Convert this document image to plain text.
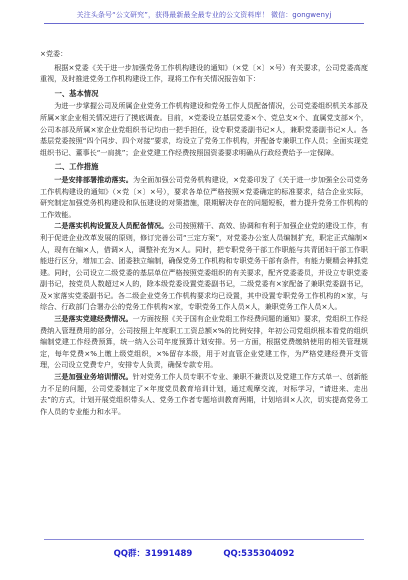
关注头条号“公文研究”，获得最新最全最专业的公文资料库！ 微信：gongwenyj

×党委：

根据×党委《关于进一步加强党务工作机构建设的通知》（×党〔×〕×号）有关要求，公司党委高度重视，及时推进党务工作机构建设工作，现将工作有关情况报告如下：

一、基本情况

为进一步掌握公司及所属企业党务工作机构建设和党务工作人员配备情况，公司党委组织机关本部及所属×家企业相关情况进行了摸底调查。目前，×党委设立基层党委×个、党总支×个、直属党支部×个，公司本部及所属×家企业党组织书记均由一把手担任，设专职党委副书记×人，兼职党委副书记×人。各基层党委按照“四个同步、四个对接”要求，均设立了党务工作机构，并配备专兼职工作人员；全面实现党组织书记、董事长“一肩挑”；企业党建工作经费按照国资委要求明确从行政经费给予一定保障。

二、工作措施

一是安排部署推动落实。为全面加强公司党务机构建设，×党委印发了《关于进一步加强全公司党务工作机构建设的通知》（×党〔×〕×号），要求各单位严格按照×党委确定的标准要求，结合企业实际，研究制定加强党务机构建设和队伍建设的对策措施，限期解决存在的问题短板，着力提升党务工作机构的工作效能。

二是落实机构设置及人员配备情况。公司按照精干、高效、协调和有利于加强企业党的建设工作，有利于促进企业改革发展的原则，修订完善公司“三定方案”，对党委办公室人员编制扩充，职定正式编制×人，现有在编×人，借调×人，调整补充为×人。同时，把专职党务干部工作职能与共青团妇干部工作职能进行区分，增加工会、团委独立编制，确保党务工作机构和专职党务干部有条件，有能力聚精会神抓党建。同时，公司设立二级党委的基层单位严格按照党委组织的有关要求，配齐党委委员，并设立专职党委副书记，按党员人数超过×人的，除本级党委设置党委副书记，二级党委有×家配备了兼职党委副书记，及×家落实党委副书记。各二级企业党务工作机构要求均已设置，其中设置专职党务工作机构的×家，与综合、行政部门合署办公的党务工作机构×家，专职党务工作人员×人，兼职党务工作人员×人。

三是落实党建经费情况。一方面按照《关于国有企业党组工作经费问题的通知》要求，党组织工作经费纳入管理费用的部分，公司按照上年度职工工资总额×%的比例安排，年初公司党组织根本看党的组织编制党建工作经费预算，统一纳入公司年度预算计划安排。另一方面，根据党费缴纳使用的相关管理规定，每年党费×%上缴上级党组织，×%留存本级，用于对直管企业党建工作，为严格党建经费开支管理，公司设立党费专户，安排专人负责，确保专款专用。

三是加强业务培训情况。针对党务工作人员专职不专业、兼职不兼责以及党建工作方式单一、创新能力不足的问题，公司党委制定了×年度党员教育培训计划，通过观摩交流，对标学习，“请进来、走出去”的方式，计划开展党组织带头人、党务工作者专题培训教育两期，计划培训×人次，切实提高党务工作人员的专业能力和水平。

QQ群：31991489	QQ:535304092
